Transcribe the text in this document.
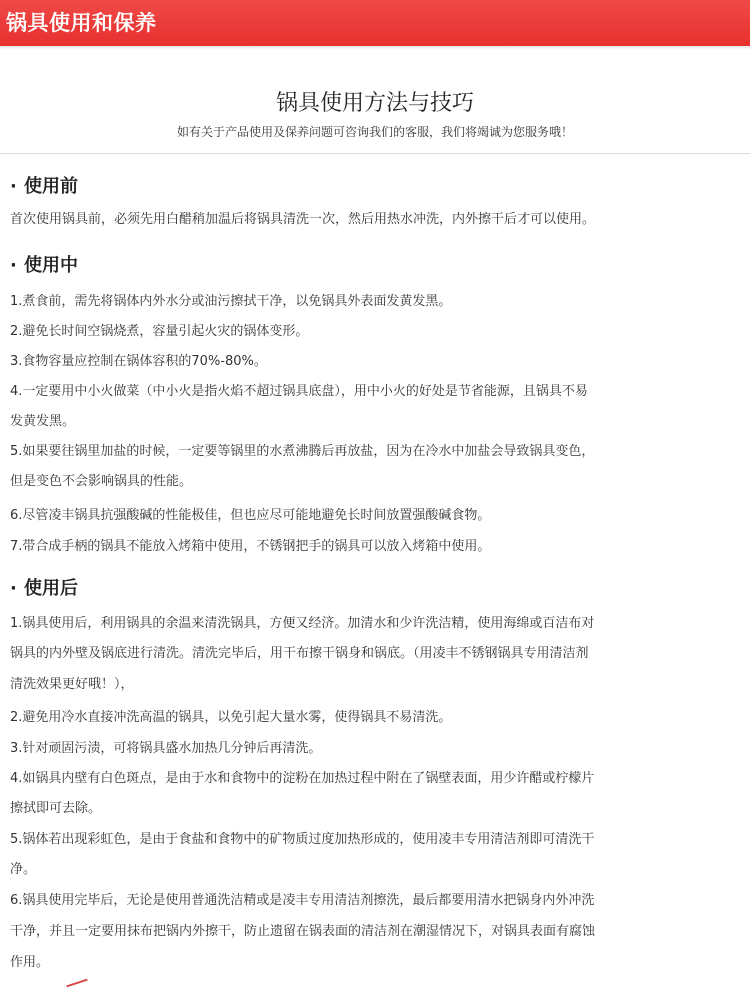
锅具使用和保养
锅具使用方法与技巧
如有关于产品使用及保养问题可咨询我们的客服，我们将竭诚为您服务哦！
· 使用前
首次使用锅具前，必须先用白醋稍加温后将锅具清洗一次，然后用热水冲洗，内外擦干后才可以使用。
· 使用中
1.煮食前，需先将锅体内外水分或油污擦拭干净，以免锅具外表面发黄发黑。
2.避免长时间空锅烧煮，容量引起火灾的锅体变形。
3.食物容量应控制在锅体容积的70%-80%。
4.一定要用中小火做菜（中小火是指火焰不超过锅具底盘），用中小火的好处是节省能源，且锅具不易
发黄发黑。
5.如果要往锅里加盐的时候，一定要等锅里的水煮沸腾后再放盐，因为在冷水中加盐会导致锅具变色，
但是变色不会影响锅具的性能。
6.尽管凌丰锅具抗强酸碱的性能极佳，但也应尽可能地避免长时间放置强酸碱食物。
7.带合成手柄的锅具不能放入烤箱中使用，不锈钢把手的锅具可以放入烤箱中使用。
· 使用后
1.锅具使用后，利用锅具的余温来清洗锅具，方便又经济。加清水和少许洗洁精，使用海绵或百洁布对
锅具的内外壁及锅底进行清洗。清洗完毕后，用干布擦干锅身和锅底。（用凌丰不锈钢锅具专用清洁剂
清洗效果更好哦！），
2.避免用冷水直接冲洗高温的锅具，以免引起大量水雾，使得锅具不易清洗。
3.针对顽固污渍，可将锅具盛水加热几分钟后再清洗。
4.如锅具内壁有白色斑点，是由于水和食物中的淀粉在加热过程中附在了锅壁表面，用少许醋或柠檬片
擦拭即可去除。
5.锅体若出现彩虹色，是由于食盐和食物中的矿物质过度加热形成的，使用凌丰专用清洁剂即可清洗干
净。
6.锅具使用完毕后，无论是使用普通洗洁精或是凌丰专用清洁剂擦洗，最后都要用清水把锅身内外冲洗
干净，并且一定要用抹布把锅内外擦干，防止遗留在锅表面的清洁剂在潮湿情况下，对锅具表面有腐蚀
作用。
